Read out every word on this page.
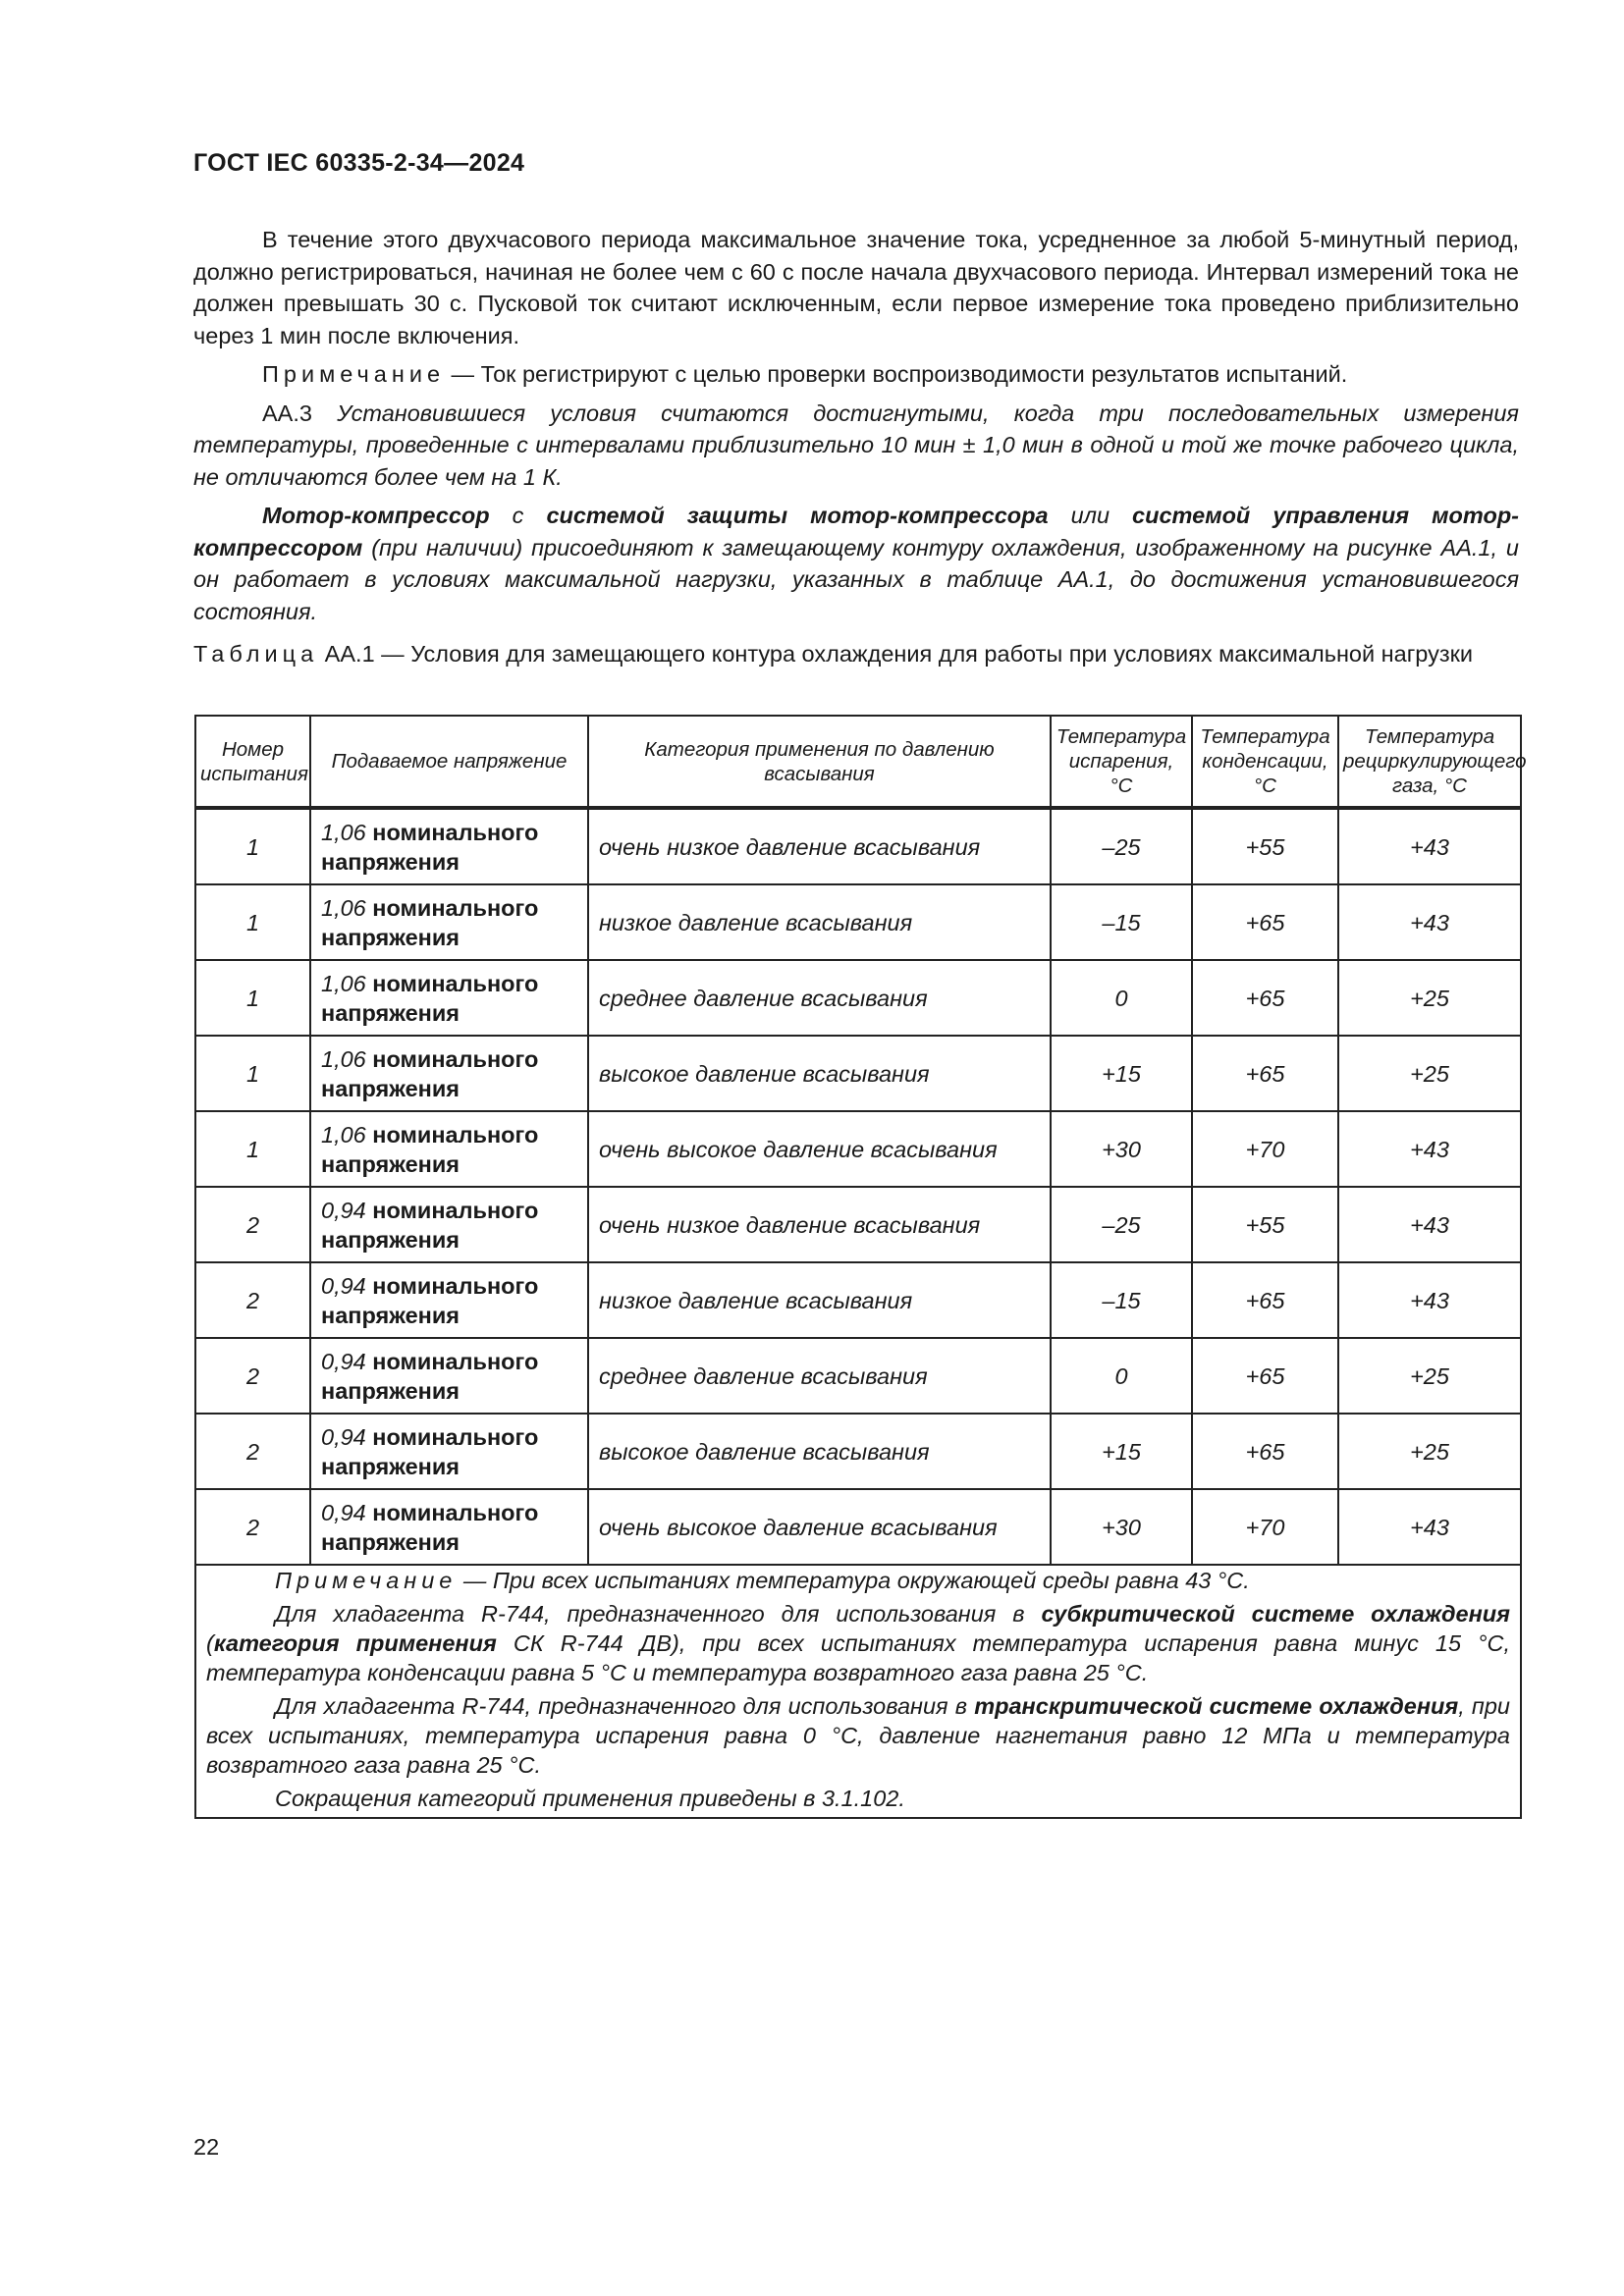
ГОСТ IEC 60335-2-34—2024

В течение этого двухчасового периода максимальное значение тока, усредненное за любой 5-минутный период, должно регистрироваться, начиная не более чем с 60 с после начала двухчасового периода. Интервал измерений тока не должен превышать 30 с. Пусковой ток считают исключенным, если первое измерение тока проведено приблизительно через 1 мин после включения.

Примечание — Ток регистрируют с целью проверки воспроизводимости результатов испытаний.

АА.3 Установившиеся условия считаются достигнутыми, когда три последовательных измерения температуры, проведенные с интервалами приблизительно 10 мин ± 1,0 мин в одной и той же точке рабочего цикла, не отличаются более чем на 1 К.

Мотор-компрессор с системой защиты мотор-компрессора или системой управления мотор-компрессором (при наличии) присоединяют к замещающему контуру охлаждения, изображенному на рисунке АА.1, и он работает в условиях максимальной нагрузки, указанных в таблице АА.1, до достижения установившегося состояния.

Таблица АА.1 — Условия для замещающего контура охлаждения для работы при условиях максимальной нагрузки

Номер испытания	Подаваемое напряжение	Категория применения по давлению всасывания	Температура испарения, °С	Температура конденсации, °С	Температура рециркулирующего газа, °С
1	1,06 номинального напряжения	очень низкое давление всасывания	–25	+55	+43
1	1,06 номинального напряжения	низкое давление всасывания	–15	+65	+43
1	1,06 номинального напряжения	среднее давление всасывания	0	+65	+25
1	1,06 номинального напряжения	высокое давление всасывания	+15	+65	+25
1	1,06 номинального напряжения	очень высокое давление всасывания	+30	+70	+43
2	0,94 номинального напряжения	очень низкое давление всасывания	–25	+55	+43
2	0,94 номинального напряжения	низкое давление всасывания	–15	+65	+43
2	0,94 номинального напряжения	среднее давление всасывания	0	+65	+25
2	0,94 номинального напряжения	высокое давление всасывания	+15	+65	+25
2	0,94 номинального напряжения	очень высокое давление всасывания	+30	+70	+43

Примечание — При всех испытаниях температура окружающей среды равна 43 °С.

Для хладагента R-744, предназначенного для использования в субкритической системе охлаждения (категория применения СК R-744 ДВ), при всех испытаниях температура испарения равна минус 15 °С, температура конденсации равна 5 °С и температура возвратного газа равна 25 °С.

Для хладагента R-744, предназначенного для использования в транскритической системе охлаждения, при всех испытаниях, температура испарения равна 0 °С, давление нагнетания равно 12 МПа и температура возвратного газа равна 25 °С.

Сокращения категорий применения приведены в 3.1.102.					

22
